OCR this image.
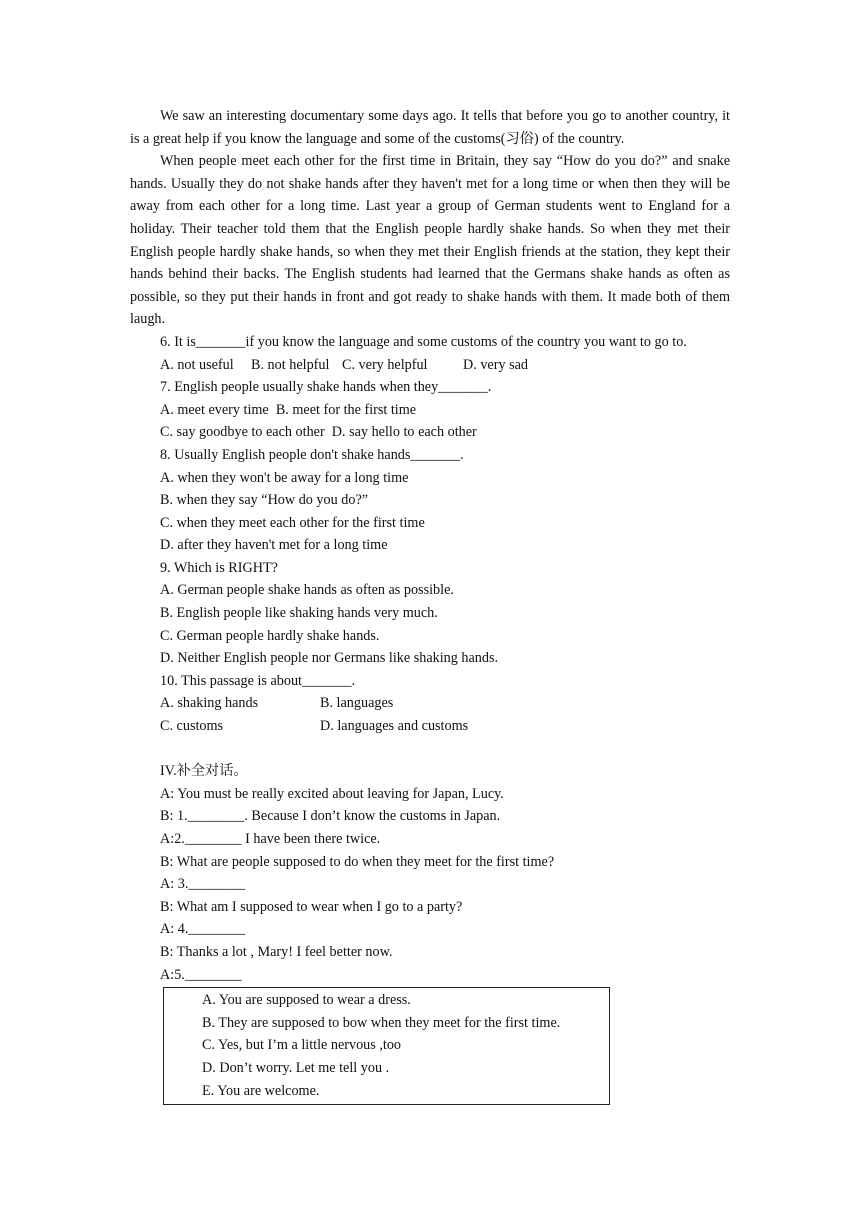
We saw an interesting documentary some days ago. It tells that before you go to another country, it is a great help if you know the language and some of the customs(习俗) of the country.

When people meet each other for the first time in Britain, they say “How do you do?” and snake hands. Usually they do not shake hands after they haven't met for a long time or when then they will be away from each other for a long time. Last year a group of German students went to England for a holiday. Their teacher told them that the English people hardly shake hands. So when they met their English people hardly shake hands, so when they met their English friends at the station, they kept their hands behind their backs. The English students had learned that the Germans shake hands as often as possible, so they put their hands in front and got ready to shake hands with them. It made both of them laugh.

6. It is_______if you know the language and some customs of the country you want to go to.
A. not useful	B. not helpful C. very helpful	D. very sad
7. English people usually shake hands when they_______.
A. meet every time  B. meet for the first time
C. say goodbye to each other  D. say hello to each other
8. Usually English people don't shake hands_______.
A. when they won't be away for a long time
B. when they say “How do you do?”
C. when they meet each other for the first time
D. after they haven't met for a long time
9. Which is RIGHT?
A. German people shake hands as often as possible.
B. English people like shaking hands very much.
C. German people hardly shake hands.
D. Neither English people nor Germans like shaking hands.
10. This passage is about_______.
A. shaking hands	B. languages
C. customs	D. languages and customs
IV.补全对话。
A: You must be really excited about leaving for Japan, Lucy.
B: 1.________. Because I don’t know the customs in Japan.
A:2.________ I have been there twice.
B: What are people supposed to do when they meet for the first time?
A: 3.________
B: What am I supposed to wear when I go to a party?
A: 4.________
B: Thanks a lot , Mary! I feel better now.
A:5.________
A. You are supposed to wear a dress.
B. They are supposed to bow when they meet for the first time.
C. Yes, but I’m a little nervous ,too
D. Don’t worry. Let me tell you .
E. You are welcome.
